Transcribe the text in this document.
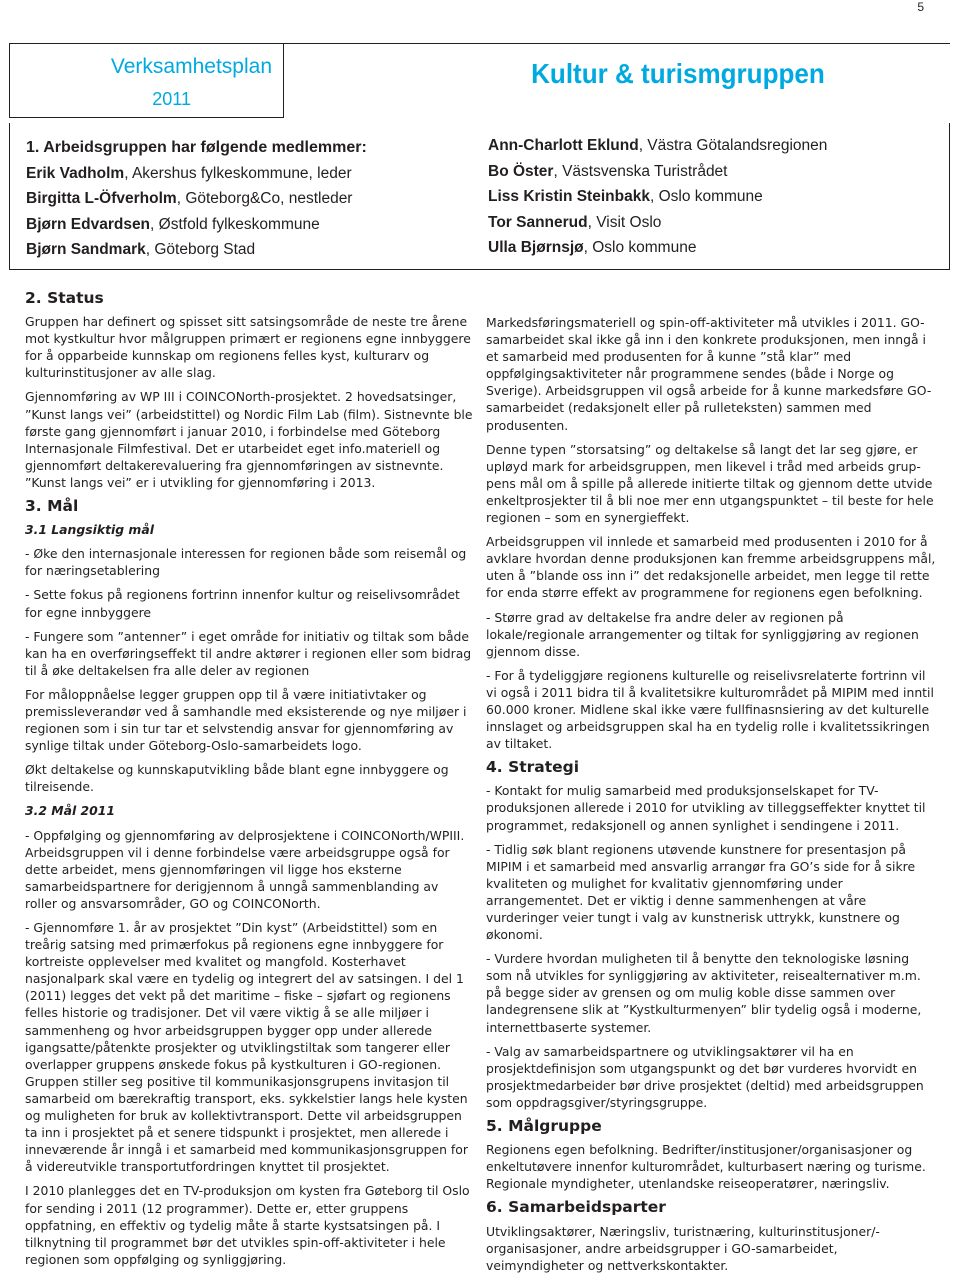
5
Verksamhetsplan
2011
Kultur & turismgruppen
1. Arbeidsgruppen har følgende medlemmer:
Erik Vadholm, Akershus fylkeskommune, leder
Birgitta L-Öfverholm, Göteborg&Co, nestleder
Bjørn Edvardsen, Østfold fylkeskommune
Bjørn Sandmark, Göteborg Stad
Ann-Charlott Eklund, Västra Götalandsregionen
Bo Öster, Västsvenska Turistrådet
Liss Kristin Steinbakk, Oslo kommune
Tor Sannerud, Visit Oslo
Ulla Bjørnsjø, Oslo kommune
2. Status

Gruppen har definert og spisset sitt satsingsområde de neste tre årene mot kystkultur hvor målgruppen primært er regionens egne innbyggere for å opparbeide kunnskap om regionens felles kyst, kulturarv og kulturinstitusjoner av alle slag.

Gjennomføring av WP III i COINCONorth-prosjektet. 2 hovedsatsinger, ”Kunst langs vei” (arbeidstittel) og Nordic Film Lab (film). Sistnevnte ble første gang gjennomført i januar 2010, i forbindelse med Göteborg Internasjonale Filmfestival. Det er utarbeidet eget info.materiell og gjennomført deltakerevaluering fra gjennomføringen av sistnevnte. ”Kunst langs vei” er i utvikling for gjennomføring i 2013.

3. Mål
3.1 Langsiktig mål

- Øke den internasjonale interessen for regionen både som reisemål og for næringsetablering

- Sette fokus på regionens fortrinn innenfor kultur og reiselivsområdet for egne innbyggere

- Fungere som ”antenner” i eget område for initiativ og tiltak som både kan ha en overføringseffekt til andre aktører i regionen eller som bidrag til å øke deltakelsen fra alle deler av regionen

For måloppnåelse legger gruppen opp til å være initiativtaker og premissleverandør ved å samhandle med eksisterende og nye miljøer i regionen som i sin tur tar et selvstendig ansvar for gjennomføring av synlige tiltak under Göteborg-Oslo-samarbeidets logo.

Økt deltakelse og kunnskaputvikling både blant egne innbyggere og tilreisende.

3.2 Mål 2011

- Oppfølging og gjennomføring av delprosjektene i COINCONorth/WPIII. Arbeidsgruppen vil i denne forbindelse være arbeidsgruppe også for dette arbeidet, mens gjennomføringen vil ligge hos eksterne samarbeidspartnere for derigjennom å unngå sammenblanding av roller og ansvarsområder, GO og COINCONorth.

- Gjennomføre 1. år av prosjektet ”Din kyst” (Arbeidstittel) som en treårig satsing med primærfokus på regionens egne innbyggere for kortreiste opplevelser med kvalitet og mangfold. Kosterhavet nasjonalpark skal være en tydelig og integrert del av satsingen. I del 1 (2011) legges det vekt på det maritime – fiske – sjøfart og regionens felles historie og tradisjoner. Det vil være viktig å se alle miljøer i sammenheng og hvor arbeidsgruppen bygger opp under allerede igangsatte/påtenkte prosjekter og utviklingstiltak som tangerer eller overlapper gruppens ønskede fokus på kystkulturen i GO-regionen. Gruppen stiller seg positive til kommunikasjonsgrupens invitasjon til samarbeid om bærekraftig transport, eks. sykkelstier langs hele kysten og muligheten for bruk av kollektivtransport. Dette vil arbeidsgruppen ta inn i prosjektet på et senere tidspunkt i prosjektet, men allerede i inneværende år inngå i et samarbeid med kommunikasjonsgruppen for å videreutvikle transportutfordringen knyttet til prosjektet.

I 2010 planlegges det en TV-produksjon om kysten fra Gøteborg til Oslo for sending i 2011 (12 programmer). Dette er, etter gruppens oppfatning, en effektiv og tydelig måte å starte kystsatsingen på. I tilknytning til programmet bør det utvikles spin-off-aktiviteter i hele regionen som oppfølging og synliggjøring.

Markedsføringsmateriell og spin-off-aktiviteter må utvikles i 2011. GO-samarbeidet skal ikke gå inn i den konkrete produksjonen, men inngå i et samarbeid med produsenten for å kunne ”stå klar” med oppfølgingsaktiviteter når programmene sendes (både i Norge og Sverige). Arbeidsgruppen vil også arbeide for å kunne markedsføre GO-samarbeidet (redaksjonelt eller på rulleteksten) sammen med produsenten.

Denne typen ”storsatsing” og deltakelse så langt det lar seg gjøre, er upløyd mark for arbeidsgruppen, men likevel i tråd med arbeids grup-pens mål om å spille på allerede initierte tiltak og gjennom dette utvide enkeltprosjekter til å bli noe mer enn utgangspunktet – til beste for hele regionen – som en synergieffekt.

Arbeidsgruppen vil innlede et samarbeid med produsenten i 2010 for å avklare hvordan denne produksjonen kan fremme arbeidsgruppens mål, uten å ”blande oss inn i” det redaksjonelle arbeidet, men legge til rette for enda større effekt av programmene for regionens egen befolkning.

- Større grad av deltakelse fra andre deler av regionen på lokale/regionale arrangementer og tiltak for synliggjøring av regionen gjennom disse.

- For å tydeliggjøre regionens kulturelle og reiselivsrelaterte fortrinn vil vi også i 2011 bidra til å kvalitetsikre kulturområdet på MIPIM med inntil 60.000 kroner. Midlene skal ikke være fullfinasnsiering av det kulturelle innslaget og arbeidsgruppen skal ha en tydelig rolle i kvalitetssikringen av tiltaket.

4. Strategi

- Kontakt for mulig samarbeid med produksjonselskapet for TV-produksjonen allerede i 2010 for utvikling av tilleggseffekter knyttet til programmet, redaksjonell og annen synlighet i sendingene i 2011.

- Tidlig søk blant regionens utøvende kunstnere for presentasjon på MIPIM i et samarbeid med ansvarlig arrangør fra GO’s side for å sikre kvaliteten og mulighet for kvalitativ gjennomføring under arrangementet. Det er viktig i denne sammenhengen at våre vurderinger veier tungt i valg av kunstnerisk uttrykk, kunstnere og økonomi.

- Vurdere hvordan muligheten til å benytte den teknologiske løsning som nå utvikles for synliggjøring av aktiviteter, reisealternativer m.m. på begge sider av grensen og om mulig koble disse sammen over landegrensene slik at ”Kystkulturmenyen” blir tydelig også i moderne, internettbaserte systemer.

- Valg av samarbeidspartnere og utviklingsaktører vil ha en prosjektdefinisjon som utgangspunkt og det bør vurderes hvorvidt en prosjektmedarbeider bør drive prosjektet (deltid) med arbeidsgruppen som oppdragsgiver/styringsgruppe.

5. Målgruppe

Regionens egen befolkning. Bedrifter/institusjoner/organisasjoner og enkeltutøvere innenfor kulturområdet, kulturbasert næring og turisme. Regionale myndigheter, utenlandske reiseoperatører, næringsliv.

6. Samarbeidsparter

Utviklingsaktører, Næringsliv, turistnæring, kulturinstitusjoner/-organisasjoner, andre arbeidsgrupper i GO-samarbeidet, veimyndigheter og nettverkskontakter.
